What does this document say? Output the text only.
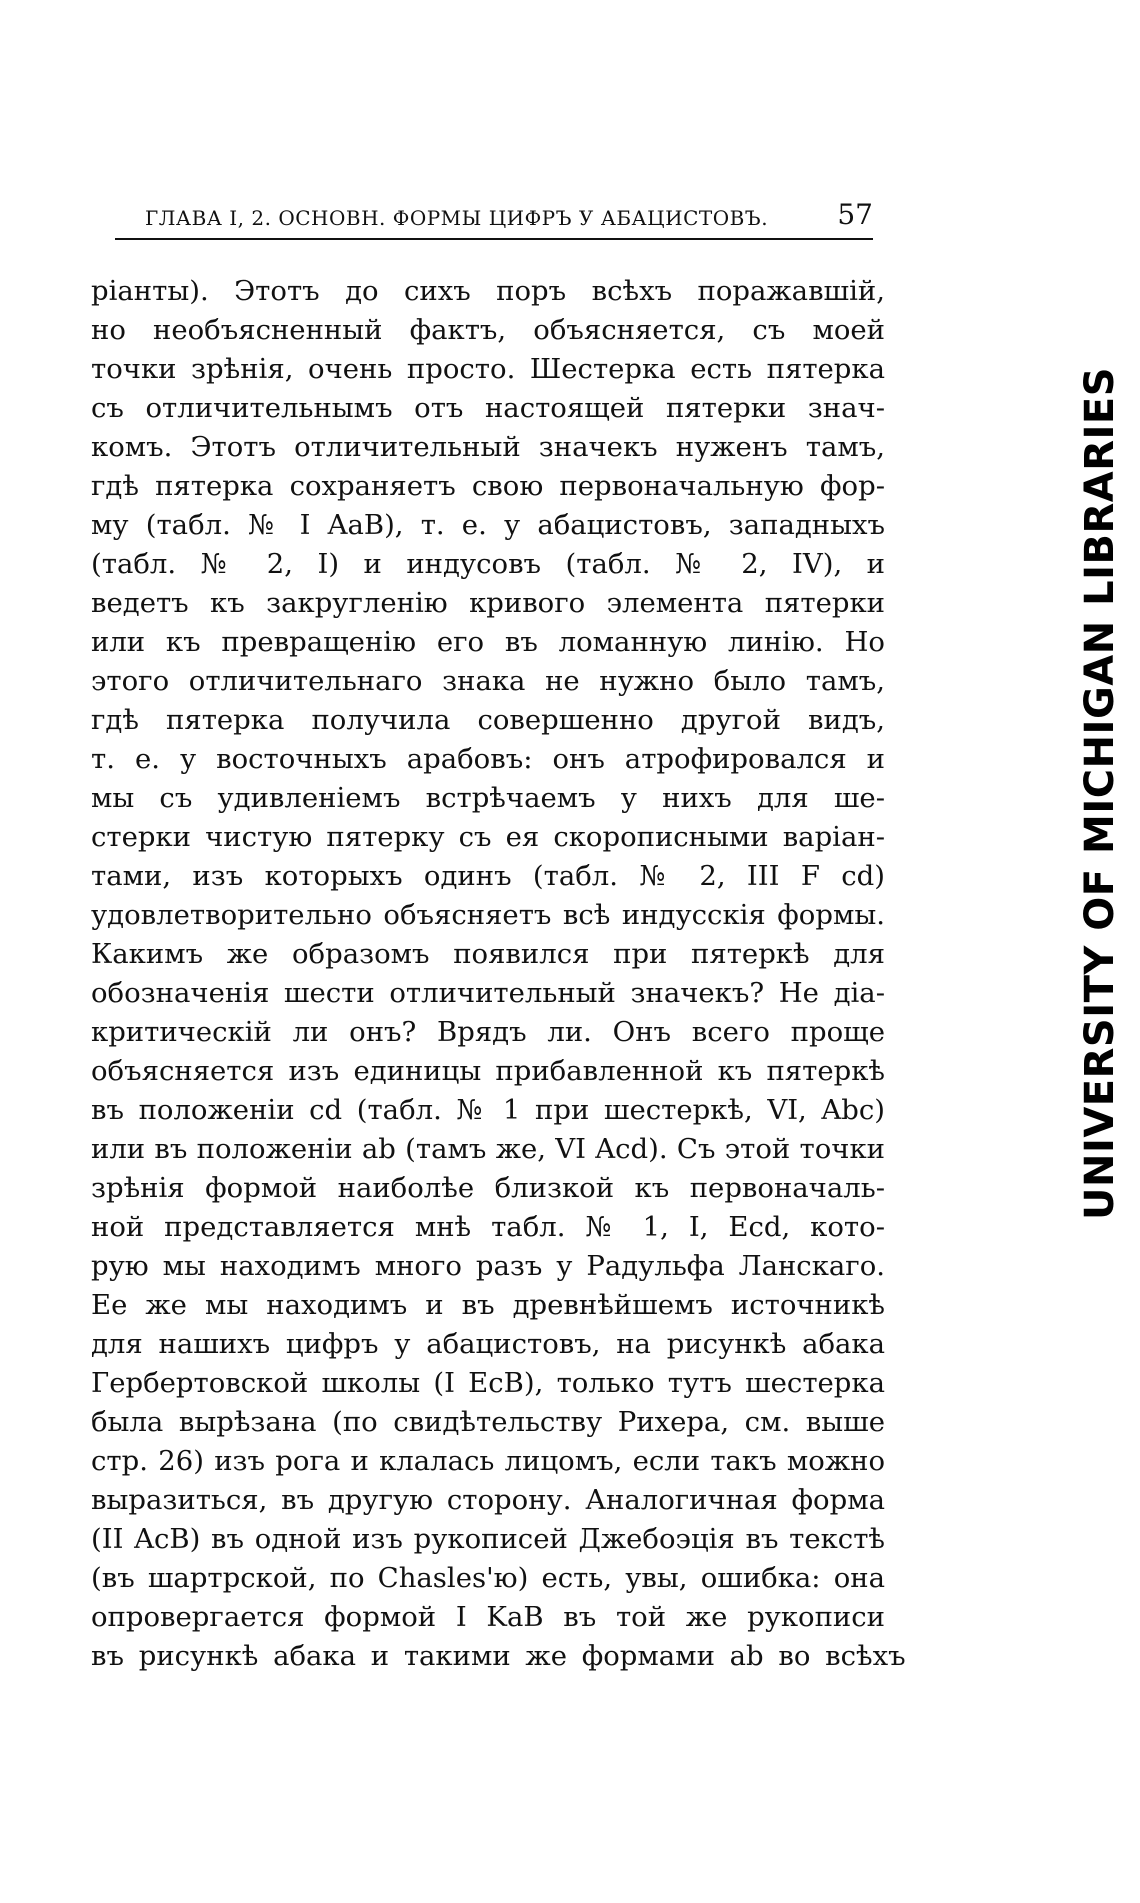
ГЛАВА I, 2. ОСНОВН. ФОРМЫ ЦИФРЪ У АБАЦИСТОВЪ. 57
ріанты). Этотъ до сихъ поръ всѣхъ поражавшій,
но необъясненный фактъ, объясняется, съ моей
точки зрѣнія, очень просто. Шестерка есть пятерка
съ отличительнымъ отъ настоящей пятерки знач-
комъ. Этотъ отличительный значекъ нуженъ тамъ,
гдѣ пятерка сохраняетъ свою первоначальную фор-
му (табл. № I AaB), т. е. у абацистовъ, западныхъ
(табл. № 2, I) и индусовъ (табл. № 2, IV), и
ведетъ къ закругленію кривого элемента пятерки
или къ превращенію его въ ломанную линію. Но
этого отличительнаго знака не нужно было тамъ,
гдѣ пятерка получила совершенно другой видъ,
т. е. у восточныхъ арабовъ: онъ атрофировался и
мы съ удивленіемъ встрѣчаемъ у нихъ для ше-
стерки чистую пятерку съ ея скорописными варіан-
тами, изъ которыхъ одинъ (табл. № 2, III F cd)
удовлетворительно объясняетъ всѣ индусскія формы.
Какимъ же образомъ появился при пятеркѣ для
обозначенія шести отличительный значекъ? Не діа-
критическій ли онъ? Врядъ ли. Онъ всего проще
объясняется изъ единицы прибавленной къ пятеркѣ
въ положеніи cd (табл. № 1 при шестеркѣ, VI, Abc)
или въ положеніи ab (тамъ же, VI Acd). Съ этой точки
зрѣнія формой наиболѣе близкой къ первоначаль-
ной представляется мнѣ табл. № 1, I, Ecd, кото-
рую мы находимъ много разъ у Радульфа Ланскаго.
Ее же мы находимъ и въ древнѣйшемъ источникѣ
для нашихъ цифръ у абацистовъ, на рисункѣ абака
Гербертовской школы (I EcB), только тутъ шестерка
была вырѣзана (по свидѣтельству Рихера, см. выше
стр. 26) изъ рога и клалась лицомъ, если такъ можно
выразиться, въ другую сторону. Аналогичная форма
(II AcB) въ одной изъ рукописей Джебоэція въ текстѣ
(въ шартрской, по Chasles'ю) есть, увы, ошибка: она
опровергается формой I KaB въ той же рукописи
въ рисункѣ абака и такими же формами ab во всѣхъ
UNIVERSITY OF MICHIGAN LIBRARIES
